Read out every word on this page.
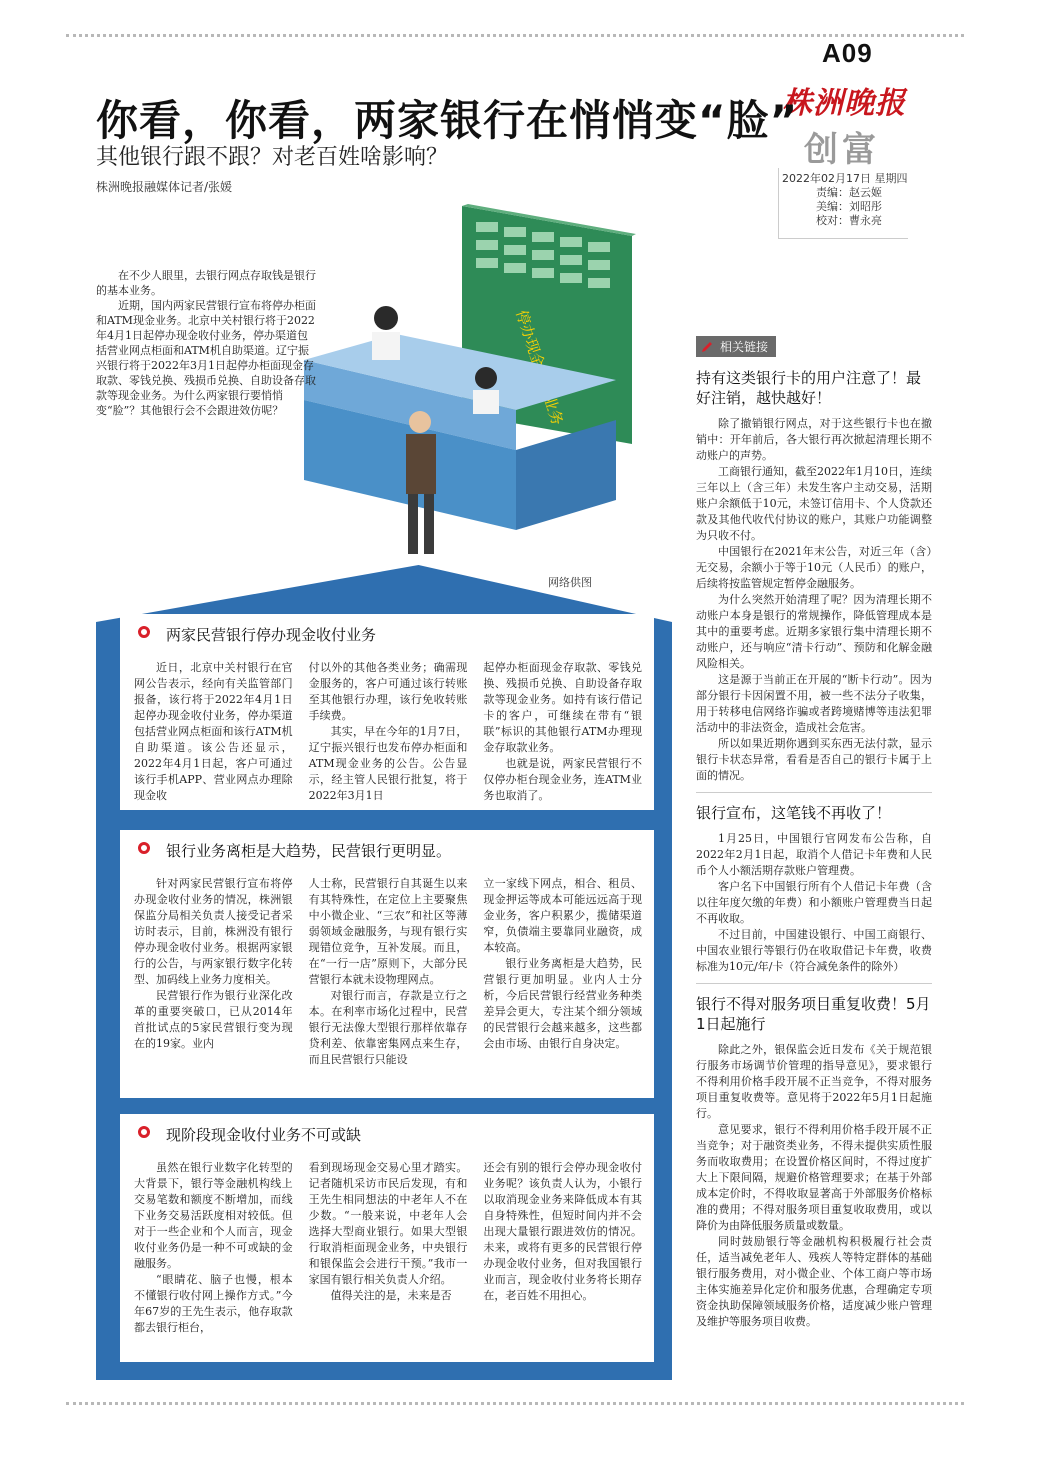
A09
株洲晚报
创富
2022年02月17日 星期四
责编：赵云姬
美编：刘昭彤
校对：曹永亮
你看，你看，两家银行在悄悄变“脸”
其他银行跟不跟？对老百姓啥影响？
株洲晚报融媒体记者/张媛
网络供图

在不少人眼里，去银行网点存取钱是银行的基本业务。

近期，国内两家民营银行宣布将停办柜面和ATM现金业务。北京中关村银行将于2022年4月1日起停办现金收付业务，停办渠道包括营业网点柜面和ATM机自助渠道。辽宁振兴银行将于2022年3月1日起停办柜面现金存取款、零钱兑换、残损币兑换、自助设备存取款等现金业务。为什么两家银行要悄悄变“脸”？其他银行会不会跟进效仿呢？

两家民营银行停办现金收付业务

近日，北京中关村银行在官网公告表示，经向有关监管部门报备，该行将于2022年4月1日起停办现金收付业务，停办渠道包括营业网点柜面和该行ATM机自助渠道。该公告还显示，2022年4月1日起，客户可通过该行手机APP、营业网点办理除现金收

付以外的其他各类业务；确需现金服务的，客户可通过该行转账至其他银行办理，该行免收转账手续费。

其实，早在今年的1月7日，辽宁振兴银行也发布停办柜面和ATM现金业务的公告。公告显示，经主管人民银行批复，将于2022年3月1日

起停办柜面现金存取款、零钱兑换、残损币兑换、自助设备存取款等现金业务。如持有该行借记卡的客户，可继续在带有“银联”标识的其他银行ATM办理现金存取款业务。

也就是说，两家民营银行不仅停办柜台现金业务，连ATM业务也取消了。

银行业务离柜是大趋势，民营银行更明显。

针对两家民营银行宣布将停办现金收付业务的情况，株洲银保监分局相关负责人接受记者采访时表示，目前，株洲没有银行停办现金收付业务。根据两家银行的公告，与两家银行数字化转型、加码线上业务力度相关。

民营银行作为银行业深化改革的重要突破口，已从2014年首批试点的5家民营银行变为现在的19家。业内

人士称，民营银行自其诞生以来有其特殊性，在定位上主要聚焦中小微企业、“三农”和社区等薄弱领域金融服务，与现有银行实现错位竞争，互补发展。而且，在“一行一店”原则下，大部分民营银行本就未设物理网点。

对银行而言，存款是立行之本。在利率市场化过程中，民营银行无法像大型银行那样依靠存贷利差、依靠密集网点来生存，而且民营银行只能设

立一家线下网点，相合、租员、现金押运等成本可能远远高于现金业务，客户积累少，揽储渠道窄，负债端主要靠同业融资，成本较高。

银行业务离柜是大趋势，民营银行更加明显。业内人士分析，今后民营银行经营业务种类差异会更大，专注某个细分领域的民营银行会越来越多，这些都会由市场、由银行自身决定。

现阶段现金收付业务不可或缺

虽然在银行业数字化转型的大背景下，银行等金融机构线上交易笔数和额度不断增加，而线下业务交易活跃度相对较低。但对于一些企业和个人而言，现金收付业务仍是一种不可或缺的金融服务。

“眼睛花、脑子也慢，根本不懂银行收付网上操作方式。”今年67岁的王先生表示，他存取款都去银行柜台，

看到现场现金交易心里才踏实。记者随机采访市民后发现，有和王先生相同想法的中老年人不在少数。“一般来说，中老年人会选择大型商业银行。如果大型银行取消柜面现金业务，中央银行和银保监会会进行干预。”我市一家国有银行相关负责人介绍。

值得关注的是，未来是否

还会有别的银行会停办现金收付业务呢？该负责人认为，小银行以取消现金业务来降低成本有其自身特殊性，但短时间内并不会出现大量银行跟进效仿的情况。未来，或将有更多的民营银行停办现金收付业务，但对我国银行业而言，现金收付业务将长期存在，老百姓不用担心。

相关链接
持有这类银行卡的用户注意了！最好注销，越快越好！

除了撤销银行网点，对于这些银行卡也在撤销中：开年前后，各大银行再次掀起清理长期不动账户的声势。

工商银行通知，截至2022年1月10日，连续三年以上（含三年）未发生客户主动交易，活期账户余额低于10元，未签订信用卡、个人贷款还款及其他代收代付协议的账户，其账户功能调整为只收不付。

中国银行在2021年末公告，对近三年（含）无交易，余额小于等于10元（人民币）的账户，后续将按监管规定暂停金融服务。

为什么突然开始清理了呢？因为清理长期不动账户本身是银行的常规操作，降低管理成本是其中的重要考虑。近期多家银行集中清理长期不动账户，还与响应“清卡行动”、预防和化解金融风险相关。

这是源于当前正在开展的“断卡行动”。因为部分银行卡因闲置不用，被一些不法分子收集，用于转移电信网络诈骗或者跨境赌博等违法犯罪活动中的非法资金，造成社会危害。

所以如果近期你遇到买东西无法付款，显示银行卡状态异常，看看是否自己的银行卡属于上面的情况。

银行宣布，这笔钱不再收了！

1月25日，中国银行官网发布公告称，自2022年2月1日起，取消个人借记卡年费和人民币个人小额活期存款账户管理费。

客户名下中国银行所有个人借记卡年费（含以往年度欠缴的年费）和小额账户管理费当日起不再收取。

不过目前，中国建设银行、中国工商银行、中国农业银行等银行仍在收取借记卡年费，收费标准为10元/年/卡（符合减免条件的除外）

银行不得对服务项目重复收费！5月1日起施行

除此之外，银保监会近日发布《关于规范银行服务市场调节价管理的指导意见》，要求银行不得利用价格手段开展不正当竞争，不得对服务项目重复收费等。意见将于2022年5月1日起施行。

意见要求，银行不得利用价格手段开展不正当竞争；对于融资类业务，不得未提供实质性服务而收取费用；在设置价格区间时，不得过度扩大上下限间隔，规避价格管理要求；在基于外部成本定价时，不得收取显著高于外部服务价格标准的费用；不得对服务项目重复收取费用，或以降价为由降低服务质量或数量。

同时鼓励银行等金融机构积极履行社会责任，适当减免老年人、残疾人等特定群体的基础银行服务费用，对小微企业、个体工商户等市场主体实施差异化定价和服务优惠，合理确定专项资金执助保障领域服务价格，适度减少账户管理及维护等服务项目收费。
